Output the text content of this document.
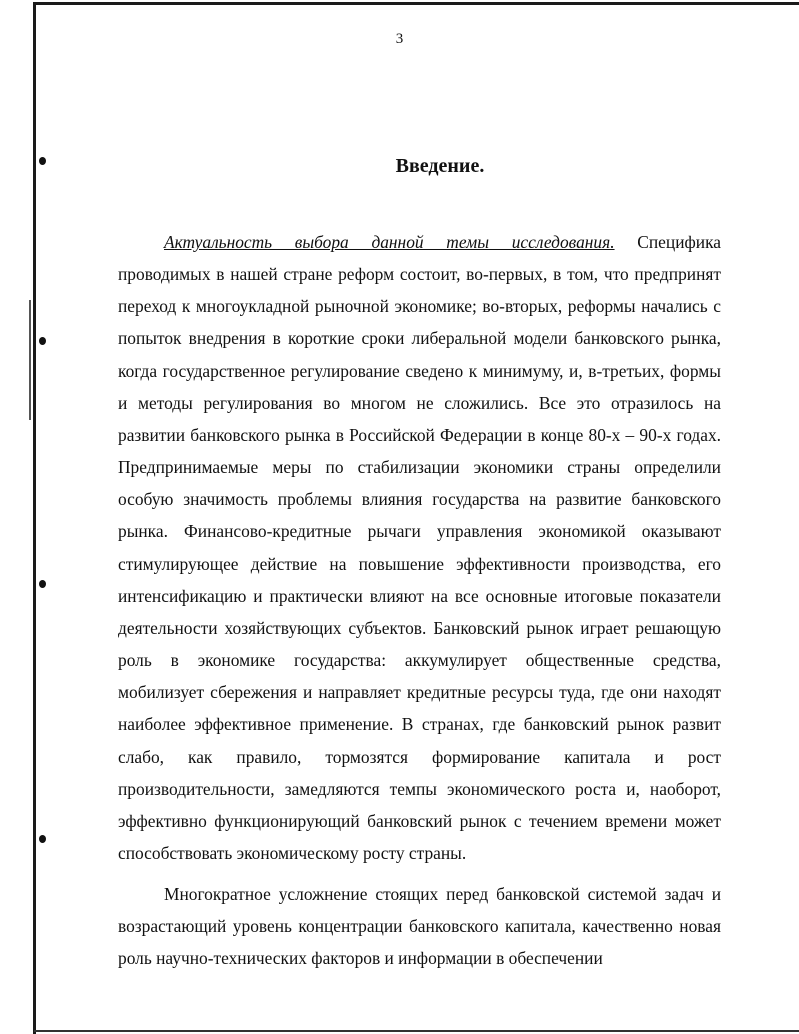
3
Введение.

Актуальность выбора данной темы исследования. Специфика проводимых в нашей стране реформ состоит, во-первых, в том, что предпринят переход к многоукладной рыночной экономике; во-вторых, реформы начались с попыток внедрения в короткие сроки либеральной модели банковского рынка, когда государственное регулирование сведено к минимуму, и, в-третьих, формы и методы регулирования во многом не сложились. Все это отразилось на развитии банковского рынка в Российской Федерации в конце 80-х – 90-х годах. Предпринимаемые меры по стабилизации экономики страны определили особую значимость проблемы влияния государства на развитие банковского рынка. Финансово-кредитные рычаги управления экономикой оказывают стимулирующее действие на повышение эффективности производства, его интенсификацию и практически влияют на все основные итоговые показатели деятельности хозяйствующих субъектов. Банковский рынок играет решающую роль в экономике государства: аккумулирует общественные средства, мобилизует сбережения и направляет кредитные ресурсы туда, где они находят наиболее эффективное применение. В странах, где банковский рынок развит слабо, как правило, тормозятся формирование капитала и рост производительности, замедляются темпы экономического роста и, наоборот, эффективно функционирующий банковский рынок с течением времени может способствовать экономическому росту страны.

Многократное усложнение стоящих перед банковской системой задач и возрастающий уровень концентрации банковского капитала, качественно новая роль научно-технических факторов и информации в обеспечении
